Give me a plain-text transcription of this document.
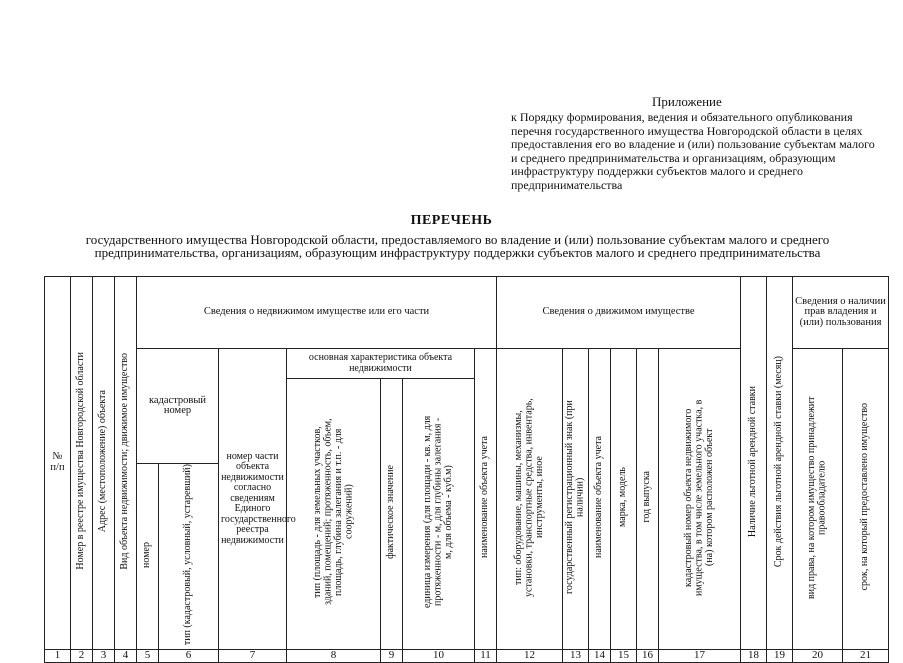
Приложение
к Порядку формирования, ведения и обязательного опубликования перечня государственного имущества Новгородской области в целях предоставления его во владение и (или) пользование субъектам малого и среднего предпринимательства и организациям, образующим инфраструктуру поддержки субъектов малого и среднего предпринимательства
ПЕРЕЧЕНЬ
государственного имущества Новгородской области, предоставляемого во владение и (или) пользование субъектам малого и среднего предпринимательства, организациям, образующим инфраструктуру поддержки субъектов малого и среднего предпринимательства
№ п/п	Номер в реестре имущества Новгородской области	Адрес (местоположение) объекта	Вид объекта недвижимости; движимое имущество	Сведения о недвижимом имуществе или его части							Сведения о движимом имуществе						Наличие льготной арендной ставки	Срок действия льготной арендной ставки (месяц)	Сведения о наличии прав владения и (или) пользования	

				кадастровый номер		номер части объекта недвижимости согласно сведениям Единого государственного реестра недвижимости	основная характеристика объекта недвижимости			наименование объекта учета	тип: оборудование, машины, механизмы, установки, транспортные средства, инвентарь, инструменты, иное	государственный регистрационный знак (при наличии)	наименование объекта учета	марка, модель	год выпуска	кадастровый номер объекта недвижимого имущества, в том числе земельного участка, в (на) котором расположен объект			вид права, на котором имущество принадлежит правообладателю	срок, на который предоставлено имущество
							тип (площадь - для земельных участков, зданий, помещений; протяженность, объем, площадь, глубина залегания и т.п. - для сооружений)	фактическое значение	единица измерения (для площади - кв. м, для протяженности - м, для глубины залегания - м, для объема - куб.м)											
				номер	тип (кадастровый, условный, устаревший)															
1	2	3	4	5	6	7	8	9	10	11	12	13	14	15	16	17	18	19	20	21
